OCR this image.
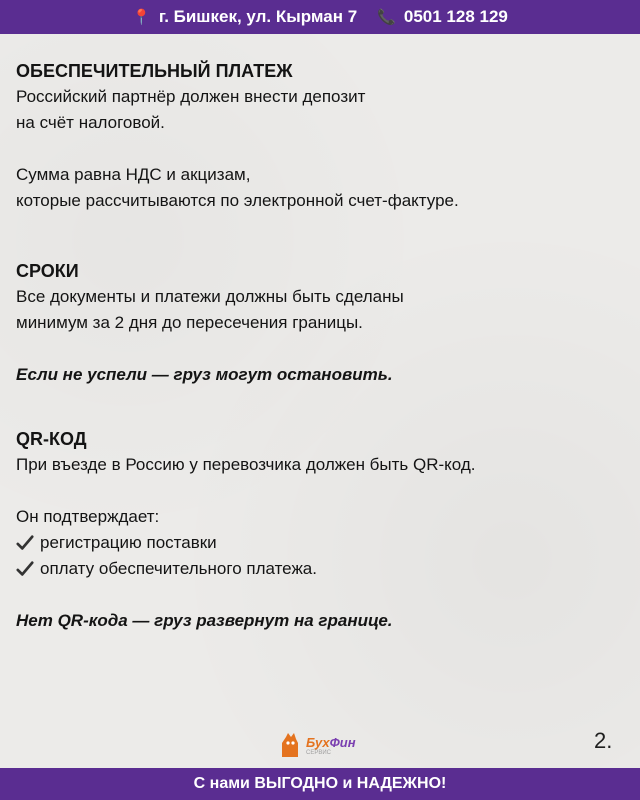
📍 г. Бишкек, ул. Кырман 7 📞 0501 128 129
ОБЕСПЕЧИТЕЛЬНЫЙ ПЛАТЕЖ
Российский партнёр должен внести депозит
на счёт налоговой.
Сумма равна НДС и акцизам,
которые рассчитываются по электронной счет-фактуре.
СРОКИ
Все документы и платежи должны быть сделаны
минимум за 2 дня до пересечения границы.
Если не успели — груз могут остановить.
QR-КОД
При въезде в Россию у перевозчика должен быть QR-код.
Он подтверждает:
регистрацию поставки
оплату обеспечительного платежа.
Нет QR-кода — груз развернут на границе.
БухФин
СЕРВИС	2.
С нами ВЫГОДНО и НАДЕЖНО!
